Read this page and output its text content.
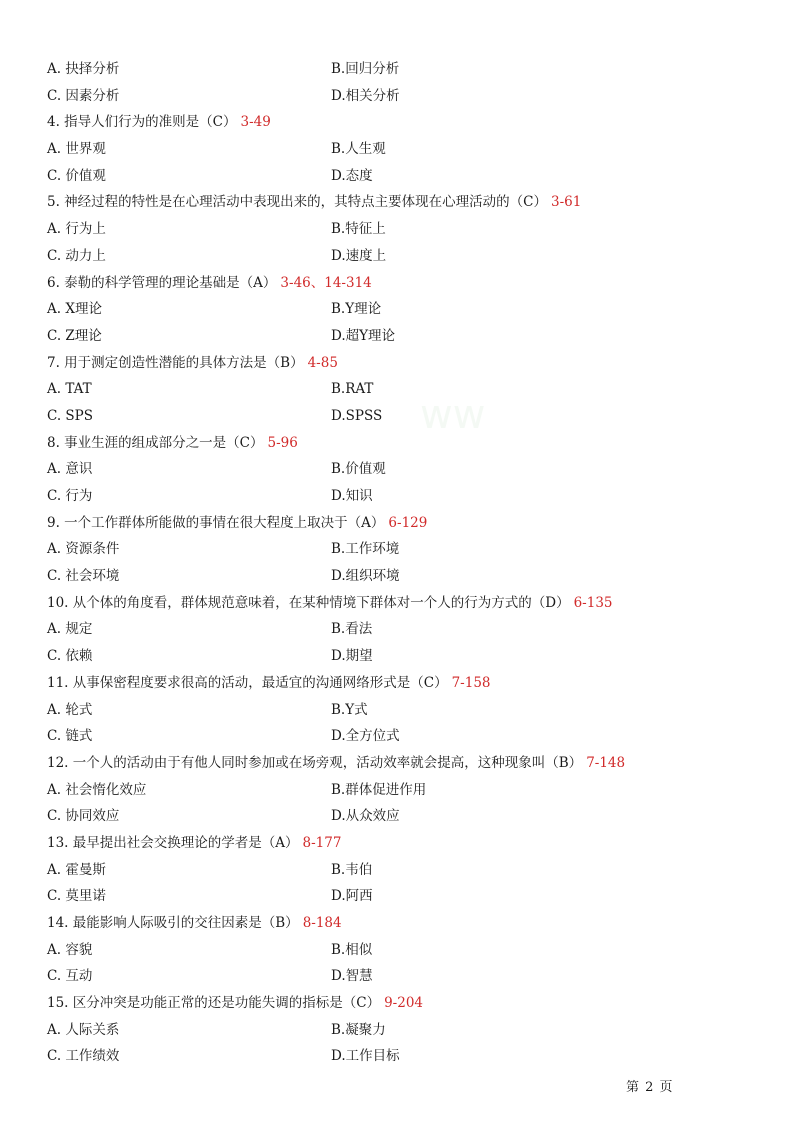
ww
A. 抉择分析	B.回归分析
C. 因素分析	D.相关分析
4. 指导人们行为的准则是（C） 3-49
A. 世界观	B.人生观
C. 价值观	D.态度
5. 神经过程的特性是在心理活动中表现出来的，其特点主要体现在心理活动的（C） 3-61
A. 行为上	B.特征上
C. 动力上	D.速度上
6. 泰勒的科学管理的理论基础是（A） 3-46、14-314
A. X理论	B.Y理论
C. Z理论	D.超Y理论
7. 用于测定创造性潜能的具体方法是（B） 4-85
A. TAT	B.RAT
C. SPS	D.SPSS
8. 事业生涯的组成部分之一是（C） 5-96
A. 意识	B.价值观
C. 行为	D.知识
9. 一个工作群体所能做的事情在很大程度上取决于（A） 6-129
A. 资源条件	B.工作环境
C. 社会环境	D.组织环境
10. 从个体的角度看，群体规范意味着，在某种情境下群体对一个人的行为方式的（D） 6-135
A. 规定	B.看法
C. 依赖	D.期望
11. 从事保密程度要求很高的活动，最适宜的沟通网络形式是（C） 7-158
A. 轮式	B.Y式
C. 链式	D.全方位式
12. 一个人的活动由于有他人同时参加或在场旁观，活动效率就会提高，这种现象叫（B） 7-148
A. 社会惰化效应	B.群体促进作用
C. 协同效应	D.从众效应
13. 最早提出社会交换理论的学者是（A） 8-177
A. 霍曼斯	B.韦伯
C. 莫里诺	D.阿西
14. 最能影响人际吸引的交往因素是（B） 8-184
A. 容貌	B.相似
C. 互动	D.智慧
15. 区分冲突是功能正常的还是功能失调的指标是（C） 9-204
A. 人际关系	B.凝聚力
C. 工作绩效	D.工作目标
第 2 页
